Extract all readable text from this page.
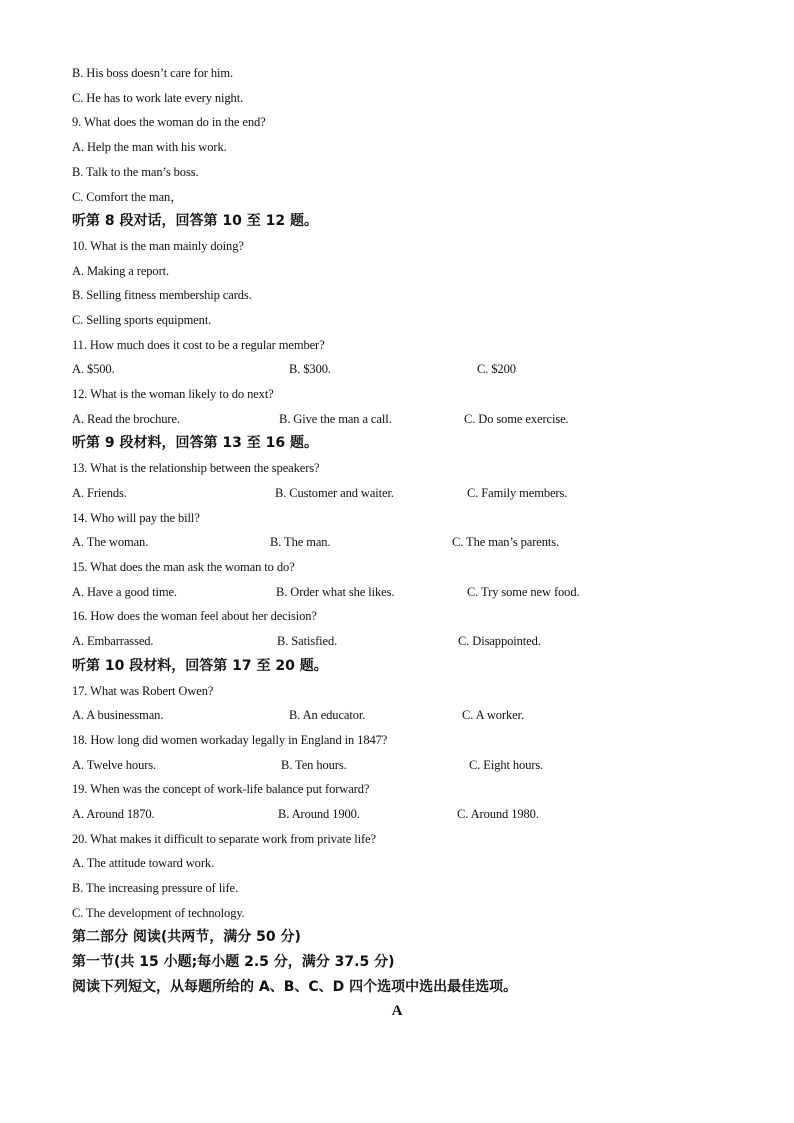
B. His boss doesn’t care for him.
C. He has to work late every night.
9. What does the woman do in the end?
A. Help the man with his work.
B. Talk to the man’s boss.
C. Comfort the man，
听第 8 段对话，回答第 10 至 12 题。
10. What is the man mainly doing?
A. Making a report.
B. Selling fitness membership cards.
C. Selling sports equipment.
11. How much does it cost to be a regular member?
A. $500.	B. $300.	C. $200
12. What is the woman likely to do next?
A. Read the brochure.	B. Give the man a call.	C. Do some exercise.
听第 9 段材料，回答第 13 至 16 题。
13. What is the relationship between the speakers?
A. Friends.	B. Customer and waiter.	C. Family members.
14. Who will pay the bill?
A. The woman.	B. The man.	C. The man’s parents.
15. What does the man ask the woman to do?
A. Have a good time.	B. Order what she likes.	C. Try some new food.
16. How does the woman feel about her decision?
A. Embarrassed.	B. Satisfied.	C. Disappointed.
听第 10 段材料，回答第 17 至 20 题。
17. What was Robert Owen?
A. A businessman.	B. An educator.	C. A worker.
18. How long did women workaday legally in England in 1847?
A. Twelve hours.	B. Ten hours.	C. Eight hours.
19. When was the concept of work-life balance put forward?
A. Around 1870.	B. Around 1900.	C. Around 1980.
20. What makes it difficult to separate work from private life?
A. The attitude toward work.
B. The increasing pressure of life.
C. The development of technology.
第二部分 阅读(共两节，满分 50 分)
第一节(共 15 小题;每小题 2.5 分，满分 37.5 分)
阅读下列短文，从每题所给的 A、B、C、D 四个选项中选出最佳选项。
A
